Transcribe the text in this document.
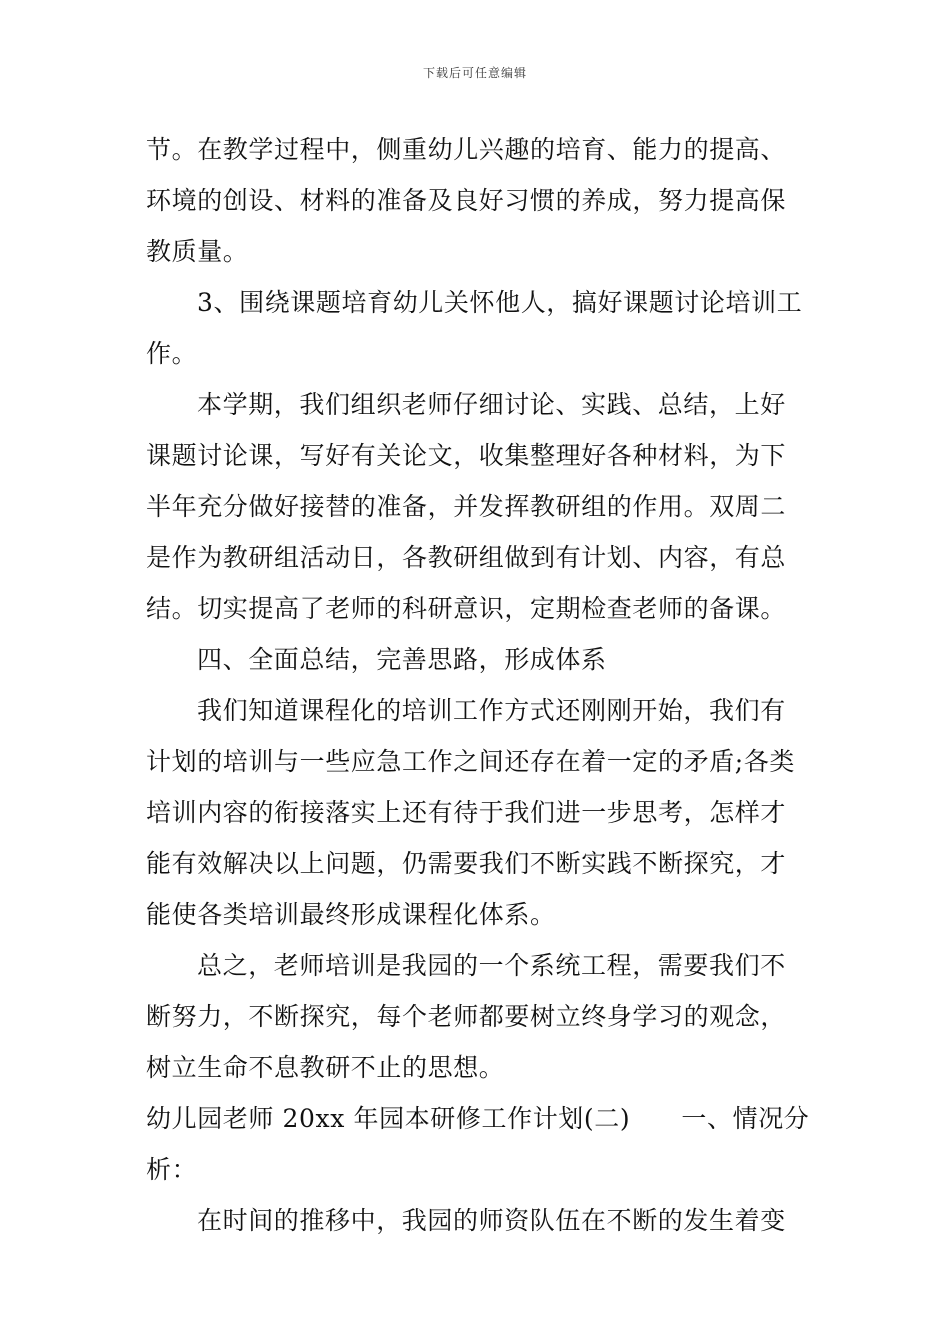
下载后可任意编辑
节。在教学过程中，侧重幼儿兴趣的培育、能力的提高、
环境的创设、材料的准备及良好习惯的养成，努力提高保
教质量。
3、围绕课题培育幼儿关怀他人，搞好课题讨论培训工
作。
本学期，我们组织老师仔细讨论、实践、总结，上好
课题讨论课，写好有关论文，收集整理好各种材料，为下
半年充分做好接替的准备，并发挥教研组的作用。双周二
是作为教研组活动日，各教研组做到有计划、内容，有总
结。切实提高了老师的科研意识，定期检查老师的备课。
四、全面总结，完善思路，形成体系
我们知道课程化的培训工作方式还刚刚开始，我们有
计划的培训与一些应急工作之间还存在着一定的矛盾;各类
培训内容的衔接落实上还有待于我们进一步思考，怎样才
能有效解决以上问题，仍需要我们不断实践不断探究，才
能使各类培训最终形成课程化体系。
总之，老师培训是我园的一个系统工程，需要我们不
断努力，不断探究，每个老师都要树立终身学习的观念，
树立生命不息教研不止的思想。
幼儿园老师 20xx 年园本研修工作计划(二)　　一、情况分
析：
在时间的推移中，我园的师资队伍在不断的发生着变
